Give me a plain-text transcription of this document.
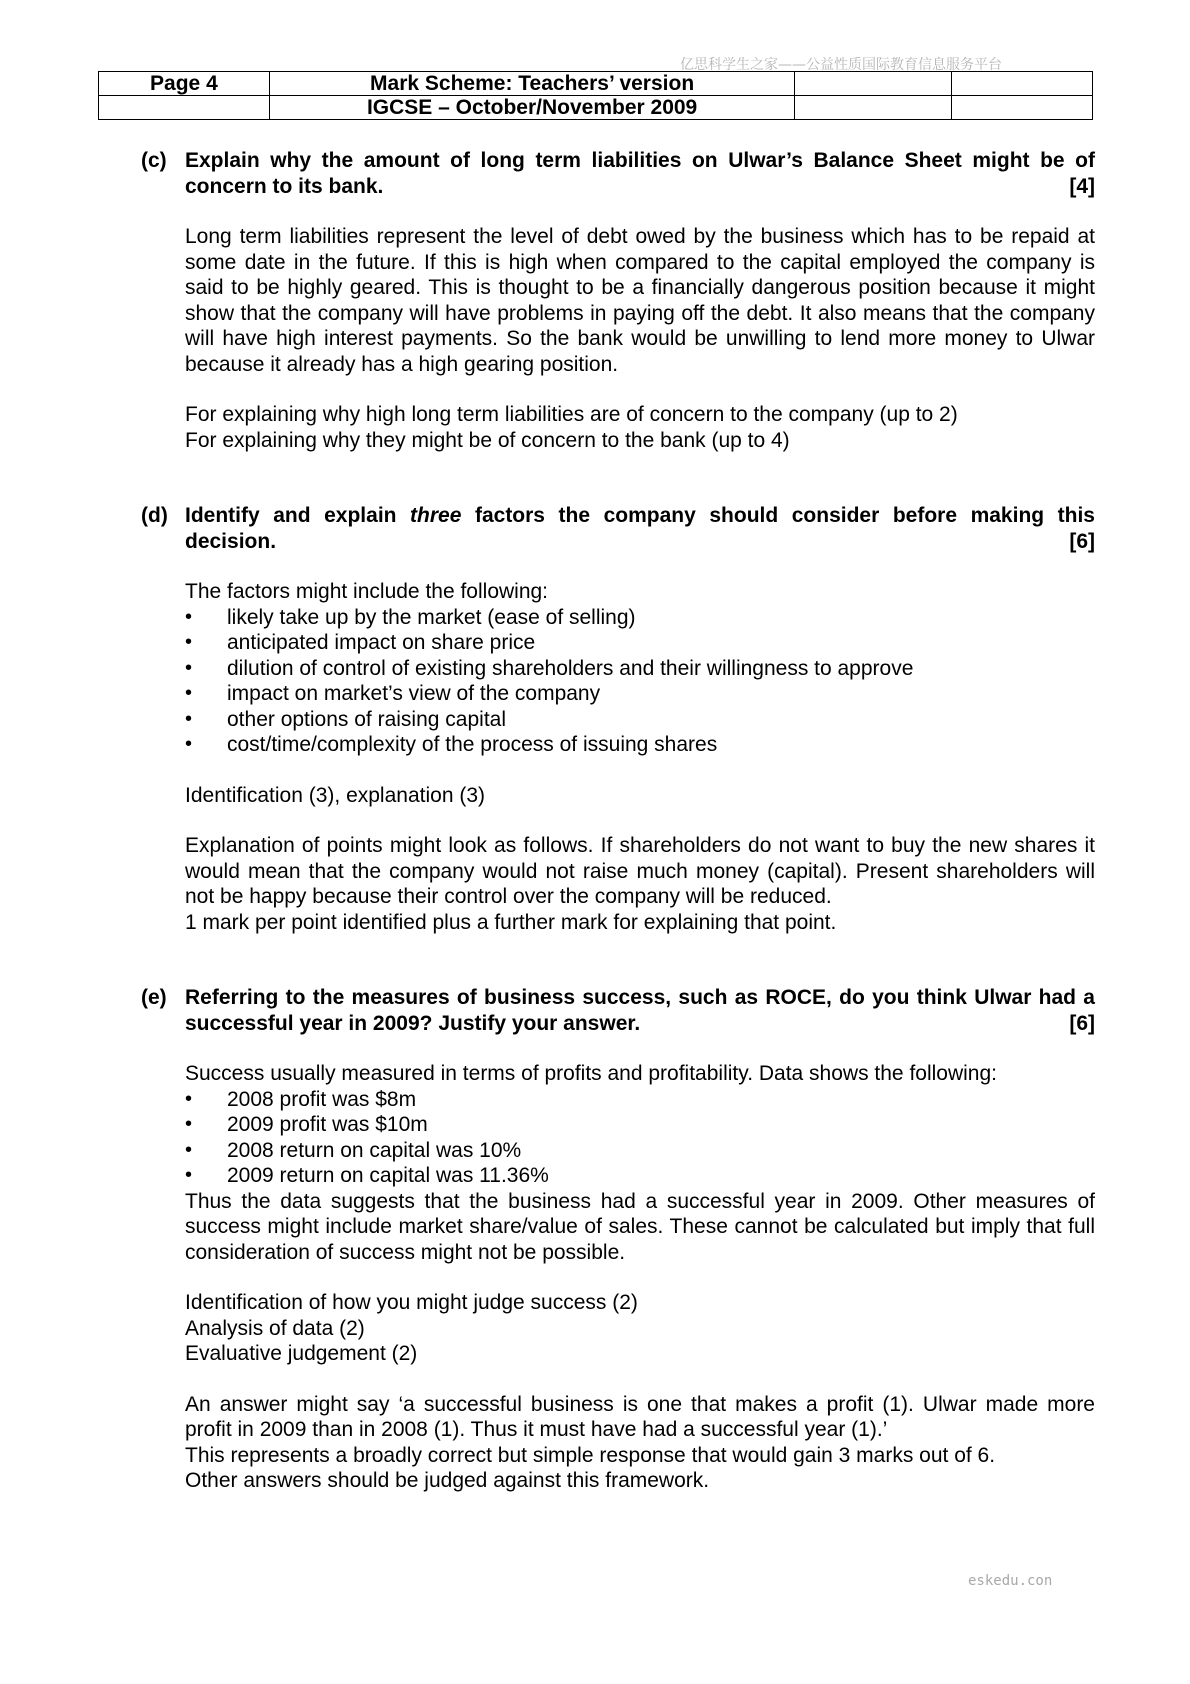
亿思科学生之家——公益性质国际教育信息服务平台
Page 4	Mark Scheme: Teachers’ version		
	IGCSE – October/November 2009		
(c) Explain why the amount of long term liabilities on Ulwar’s Balance Sheet might be of concern to its bank.	[4]

Long term liabilities represent the level of debt owed by the business which has to be repaid at some date in the future. If this is high when compared to the capital employed the company is said to be highly geared. This is thought to be a financially dangerous position because it might show that the company will have problems in paying off the debt. It also means that the company will have high interest payments. So the bank would be unwilling to lend more money to Ulwar because it already has a high gearing position.

For explaining why high long term liabilities are of concern to the company (up to 2)

For explaining why they might be of concern to the bank (up to 4)

(d) Identify and explain three factors the company should consider before making this decision.	[6]

The factors might include the following:

• likely take up by the market (ease of selling)
• anticipated impact on share price
• dilution of control of existing shareholders and their willingness to approve
• impact on market’s view of the company
• other options of raising capital
• cost/time/complexity of the process of issuing shares

Identification (3), explanation (3)

Explanation of points might look as follows. If shareholders do not want to buy the new shares it would mean that the company would not raise much money (capital). Present shareholders will not be happy because their control over the company will be reduced.

1 mark per point identified plus a further mark for explaining that point.

(e) Referring to the measures of business success, such as ROCE, do you think Ulwar had a successful year in 2009? Justify your answer.	[6]

Success usually measured in terms of profits and profitability. Data shows the following:

• 2008 profit was $8m
• 2009 profit was $10m
• 2008 return on capital was 10%
• 2009 return on capital was 11.36%

Thus the data suggests that the business had a successful year in 2009. Other measures of success might include market share/value of sales. These cannot be calculated but imply that full consideration of success might not be possible.

Identification of how you might judge success (2)

Analysis of data (2)

Evaluative judgement (2)

An answer might say ‘a successful business is one that makes a profit (1). Ulwar made more profit in 2009 than in 2008 (1). Thus it must have had a successful year (1).’

This represents a broadly correct but simple response that would gain 3 marks out of 6.

Other answers should be judged against this framework.

eskedu.con
